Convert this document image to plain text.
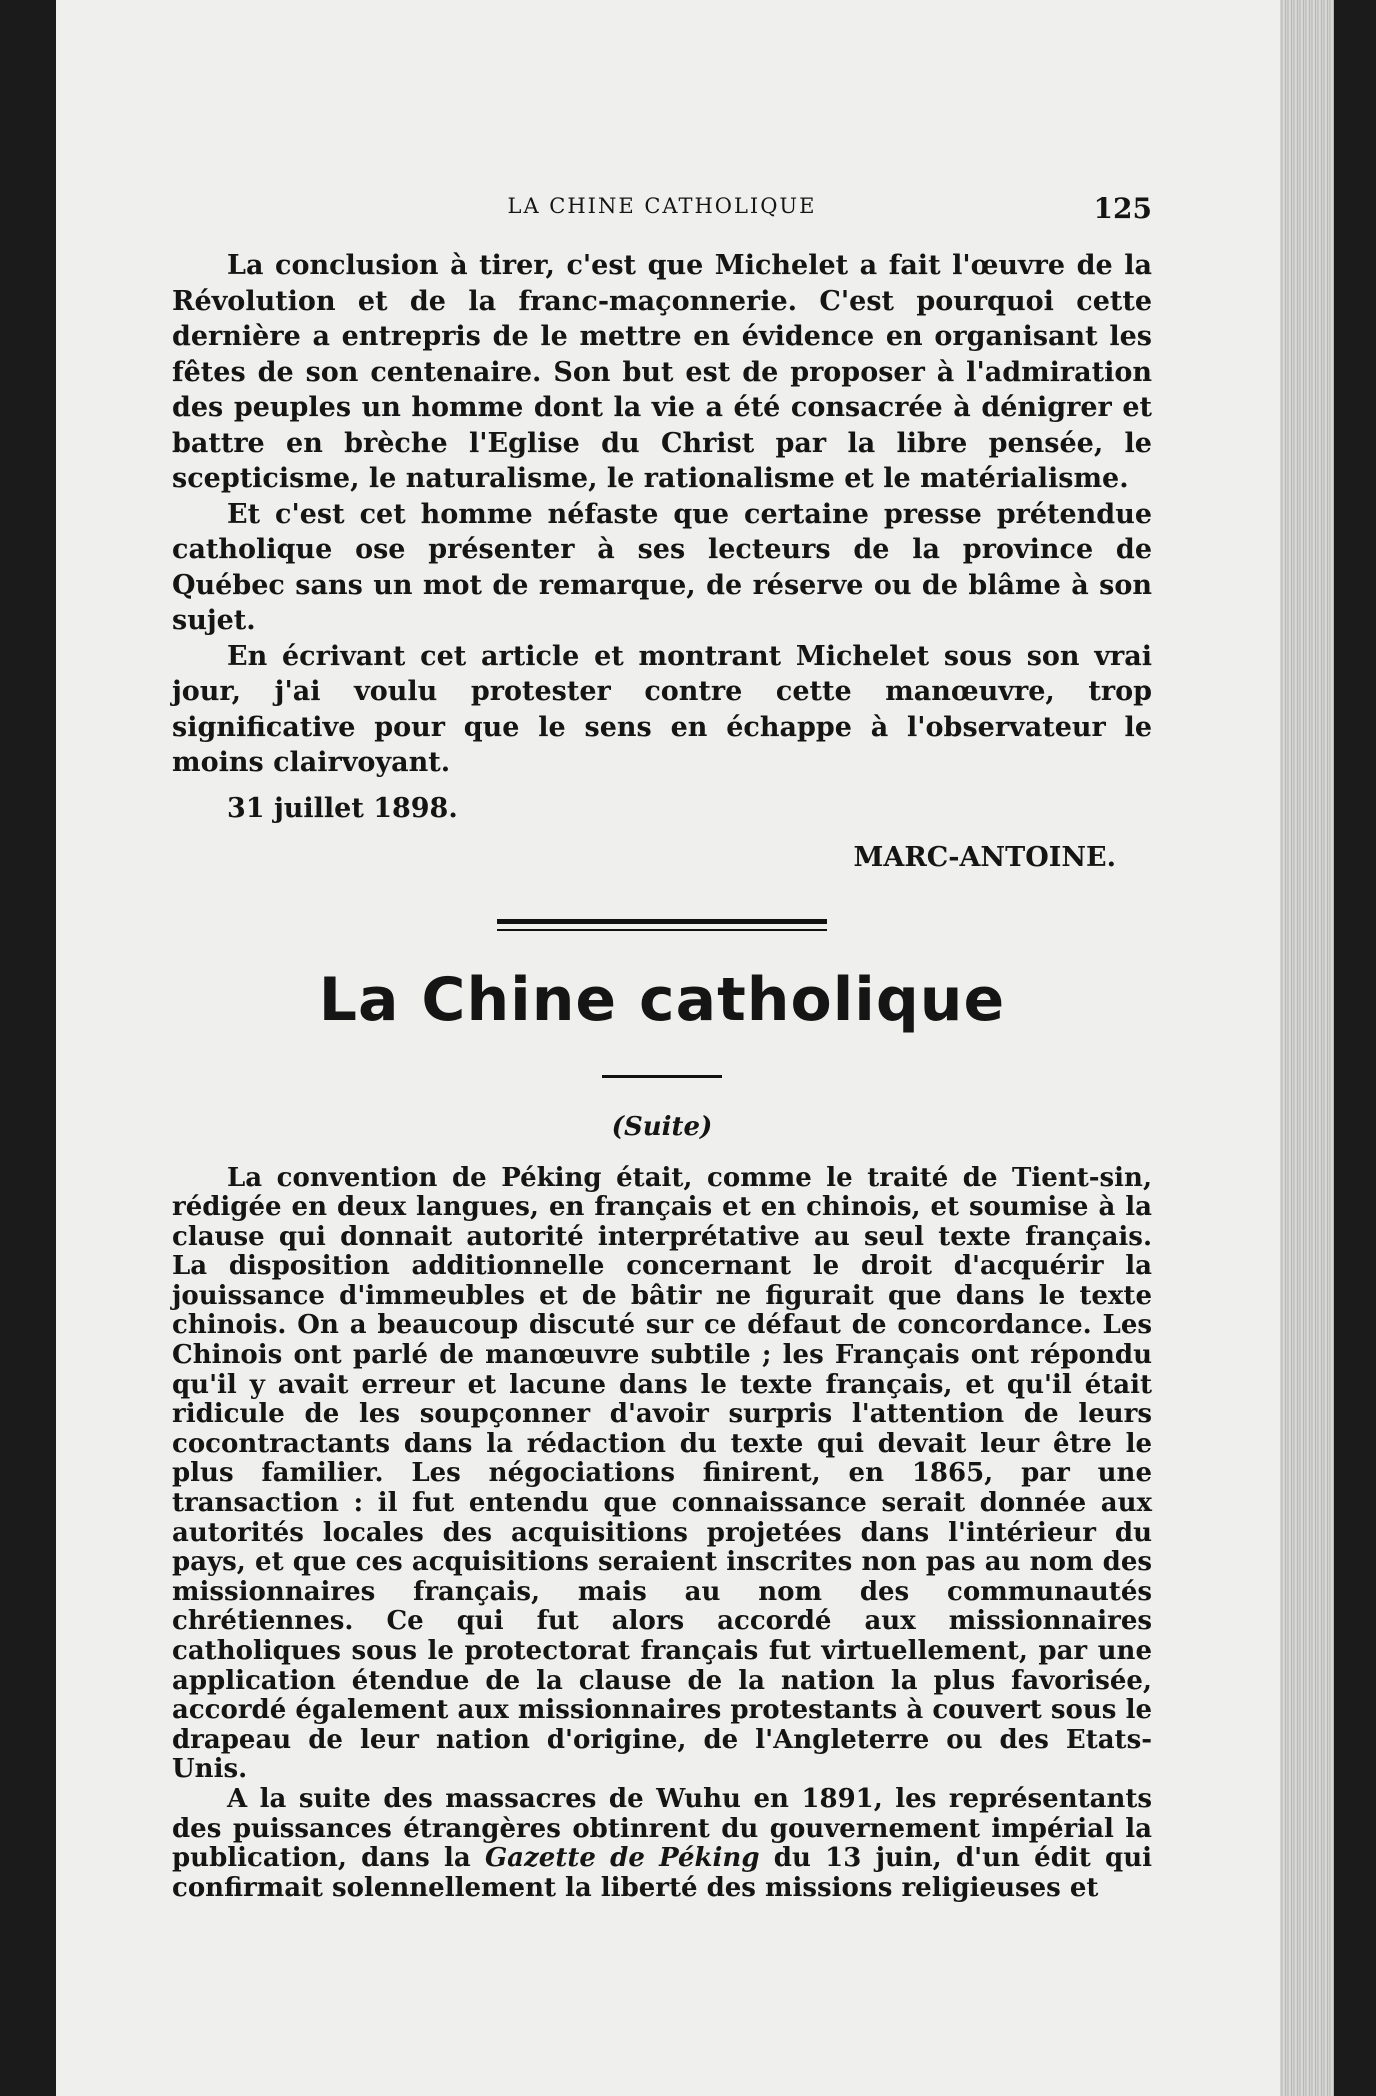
LA CHINE CATHOLIQUE	125

La conclusion à tirer, c'est que Michelet a fait l'œuvre de la Révolution et de la franc-maçonnerie. C'est pourquoi cette dernière a entrepris de le mettre en évidence en organisant les fêtes de son centenaire. Son but est de proposer à l'admiration des peuples un homme dont la vie a été consacrée à dénigrer et battre en brèche l'Eglise du Christ par la libre pensée, le scepticisme, le naturalisme, le rationalisme et le matérialisme.

Et c'est cet homme néfaste que certaine presse prétendue catholique ose présenter à ses lecteurs de la province de Québec sans un mot de remarque, de réserve ou de blâme à son sujet.

En écrivant cet article et montrant Michelet sous son vrai jour, j'ai voulu protester contre cette manœuvre, trop significative pour que le sens en échappe à l'observateur le moins clairvoyant.

31 juillet 1898.
MARC-ANTOINE.
La Chine catholique
(Suite)

La convention de Péking était, comme le traité de Tient-sin, rédigée en deux langues, en français et en chinois, et soumise à la clause qui donnait autorité interprétative au seul texte français. La disposition additionnelle concernant le droit d'acquérir la jouissance d'immeubles et de bâtir ne figurait que dans le texte chinois. On a beaucoup discuté sur ce défaut de concordance. Les Chinois ont parlé de manœuvre subtile ; les Français ont répondu qu'il y avait erreur et lacune dans le texte français, et qu'il était ridicule de les soupçonner d'avoir surpris l'attention de leurs cocontractants dans la rédaction du texte qui devait leur être le plus familier. Les négociations finirent, en 1865, par une transaction : il fut entendu que connaissance serait donnée aux autorités locales des acquisitions projetées dans l'intérieur du pays, et que ces acquisitions seraient inscrites non pas au nom des missionnaires français, mais au nom des communautés chrétiennes. Ce qui fut alors accordé aux missionnaires catholiques sous le protectorat français fut virtuellement, par une application étendue de la clause de la nation la plus favorisée, accordé également aux missionnaires protestants à couvert sous le drapeau de leur nation d'origine, de l'Angleterre ou des Etats-Unis.

A la suite des massacres de Wuhu en 1891, les représentants des puissances étrangères obtinrent du gouvernement impérial la publication, dans la Gazette de Péking du 13 juin, d'un édit qui confirmait solennellement la liberté des missions religieuses et
